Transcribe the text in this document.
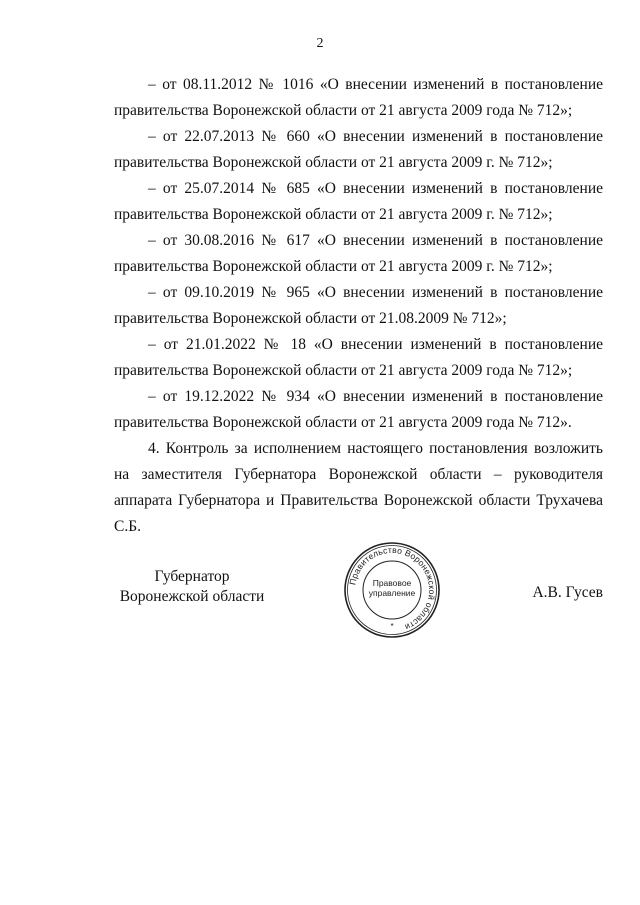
2

– от 08.11.2012 № 1016 «О внесении изменений в постановление правительства Воронежской области от 21 августа 2009 года № 712»;

– от 22.07.2013 № 660 «О внесении изменений в постановление правительства Воронежской области от 21 августа 2009 г. № 712»;

– от 25.07.2014 № 685 «О внесении изменений в постановление правительства Воронежской области от 21 августа 2009 г. № 712»;

– от 30.08.2016 № 617 «О внесении изменений в постановление правительства Воронежской области от 21 августа 2009 г. № 712»;

– от 09.10.2019 № 965 «О внесении изменений в постановление правительства Воронежской области от 21.08.2009 № 712»;

– от 21.01.2022 № 18 «О внесении изменений в постановление правительства Воронежской области от 21 августа 2009 года № 712»;

– от 19.12.2022 № 934 «О внесении изменений в постановление правительства Воронежской области от 21 августа 2009 года № 712».

4. Контроль за исполнением настоящего постановления возложить на заместителя Губернатора Воронежской области – руководителя аппарата Губернатора и Правительства Воронежской области Трухачева С.Б.

Губернатор
Воронежской области
Правительство Воронежской области
Правовое
управление
*
А.В. Гусев
